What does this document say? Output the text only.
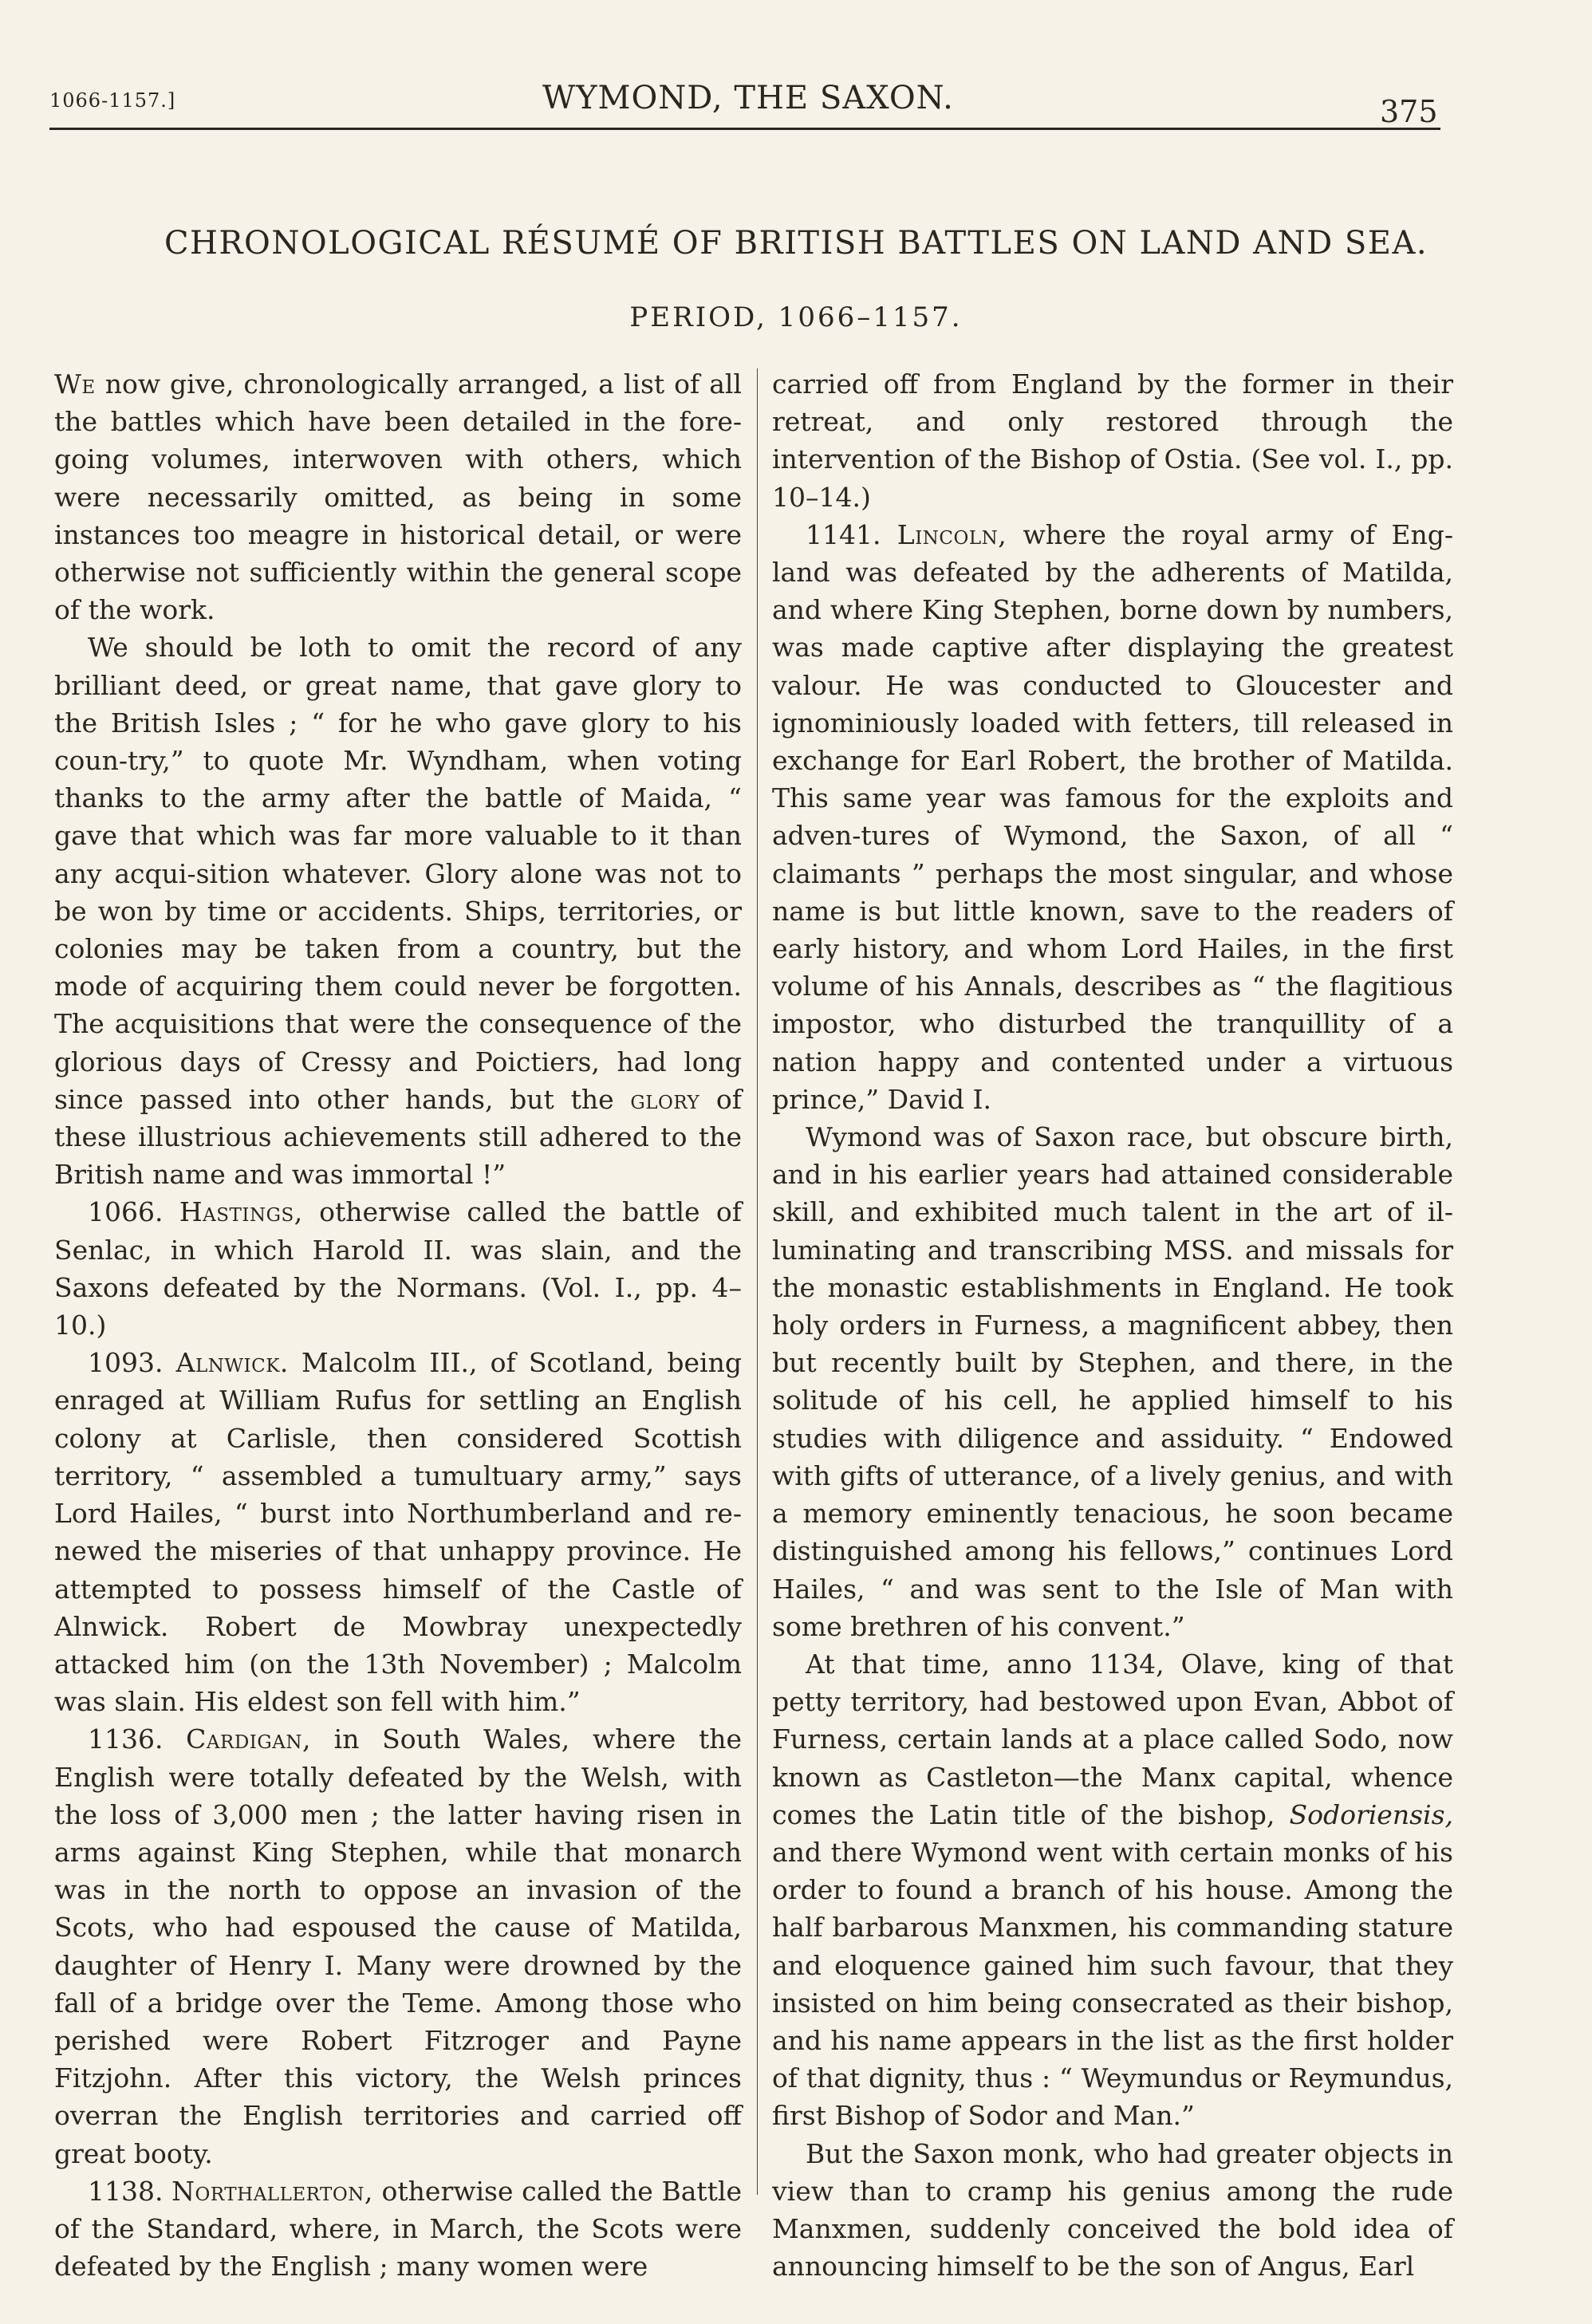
1066-1157.]	WYMOND, THE SAXON.	375
CHRONOLOGICAL RÉSUMÉ OF BRITISH BATTLES ON LAND AND SEA.
PERIOD, 1066–1157.

We now give, chronologically arranged, a list of all the battles which have been detailed in the fore-going volumes, interwoven with others, which were necessarily omitted, as being in some instances too meagre in historical detail, or were otherwise not sufficiently within the general scope of the work.

We should be loth to omit the record of any brilliant deed, or great name, that gave glory to the British Isles ; “ for he who gave glory to his coun-try,” to quote Mr. Wyndham, when voting thanks to the army after the battle of Maida, “ gave that which was far more valuable to it than any acqui-sition whatever. Glory alone was not to be won by time or accidents. Ships, territories, or colonies may be taken from a country, but the mode of acquiring them could never be forgotten. The acquisitions that were the consequence of the glorious days of Cressy and Poictiers, had long since passed into other hands, but the glory of these illustrious achievements still adhered to the British name and was immortal !”

1066. Hastings, otherwise called the battle of Senlac, in which Harold II. was slain, and the Saxons defeated by the Normans. (Vol. I., pp. 4–10.)

1093. Alnwick. Malcolm III., of Scotland, being enraged at William Rufus for settling an English colony at Carlisle, then considered Scottish territory, “ assembled a tumultuary army,” says Lord Hailes, “ burst into Northumberland and re-newed the miseries of that unhappy province. He attempted to possess himself of the Castle of Alnwick. Robert de Mowbray unexpectedly attacked him (on the 13th November) ; Malcolm was slain. His eldest son fell with him.”

1136. Cardigan, in South Wales, where the English were totally defeated by the Welsh, with the loss of 3,000 men ; the latter having risen in arms against King Stephen, while that monarch was in the north to oppose an invasion of the Scots, who had espoused the cause of Matilda, daughter of Henry I. Many were drowned by the fall of a bridge over the Teme. Among those who perished were Robert Fitzroger and Payne Fitzjohn. After this victory, the Welsh princes overran the English territories and carried off great booty.

1138. Northallerton, otherwise called the Battle of the Standard, where, in March, the Scots were defeated by the English ; many women were

carried off from England by the former in their retreat, and only restored through the intervention of the Bishop of Ostia. (See vol. I., pp. 10–14.)

1141. Lincoln, where the royal army of Eng-land was defeated by the adherents of Matilda, and where King Stephen, borne down by numbers, was made captive after displaying the greatest valour. He was conducted to Gloucester and ignominiously loaded with fetters, till released in exchange for Earl Robert, the brother of Matilda. This same year was famous for the exploits and adven-tures of Wymond, the Saxon, of all “ claimants ” perhaps the most singular, and whose name is but little known, save to the readers of early history, and whom Lord Hailes, in the first volume of his Annals, describes as “ the flagitious impostor, who disturbed the tranquillity of a nation happy and contented under a virtuous prince,” David I.

Wymond was of Saxon race, but obscure birth, and in his earlier years had attained considerable skill, and exhibited much talent in the art of il-luminating and transcribing MSS. and missals for the monastic establishments in England. He took holy orders in Furness, a magnificent abbey, then but recently built by Stephen, and there, in the solitude of his cell, he applied himself to his studies with diligence and assiduity. “ Endowed with gifts of utterance, of a lively genius, and with a memory eminently tenacious, he soon became distinguished among his fellows,” continues Lord Hailes, “ and was sent to the Isle of Man with some brethren of his convent.”

At that time, anno 1134, Olave, king of that petty territory, had bestowed upon Evan, Abbot of Furness, certain lands at a place called Sodo, now known as Castleton—the Manx capital, whence comes the Latin title of the bishop, Sodoriensis, and there Wymond went with certain monks of his order to found a branch of his house. Among the half barbarous Manxmen, his commanding stature and eloquence gained him such favour, that they insisted on him being consecrated as their bishop, and his name appears in the list as the first holder of that dignity, thus : “ Weymundus or Reymundus, first Bishop of Sodor and Man.”

But the Saxon monk, who had greater objects in view than to cramp his genius among the rude Manxmen, suddenly conceived the bold idea of announcing himself to be the son of Angus, Earl
